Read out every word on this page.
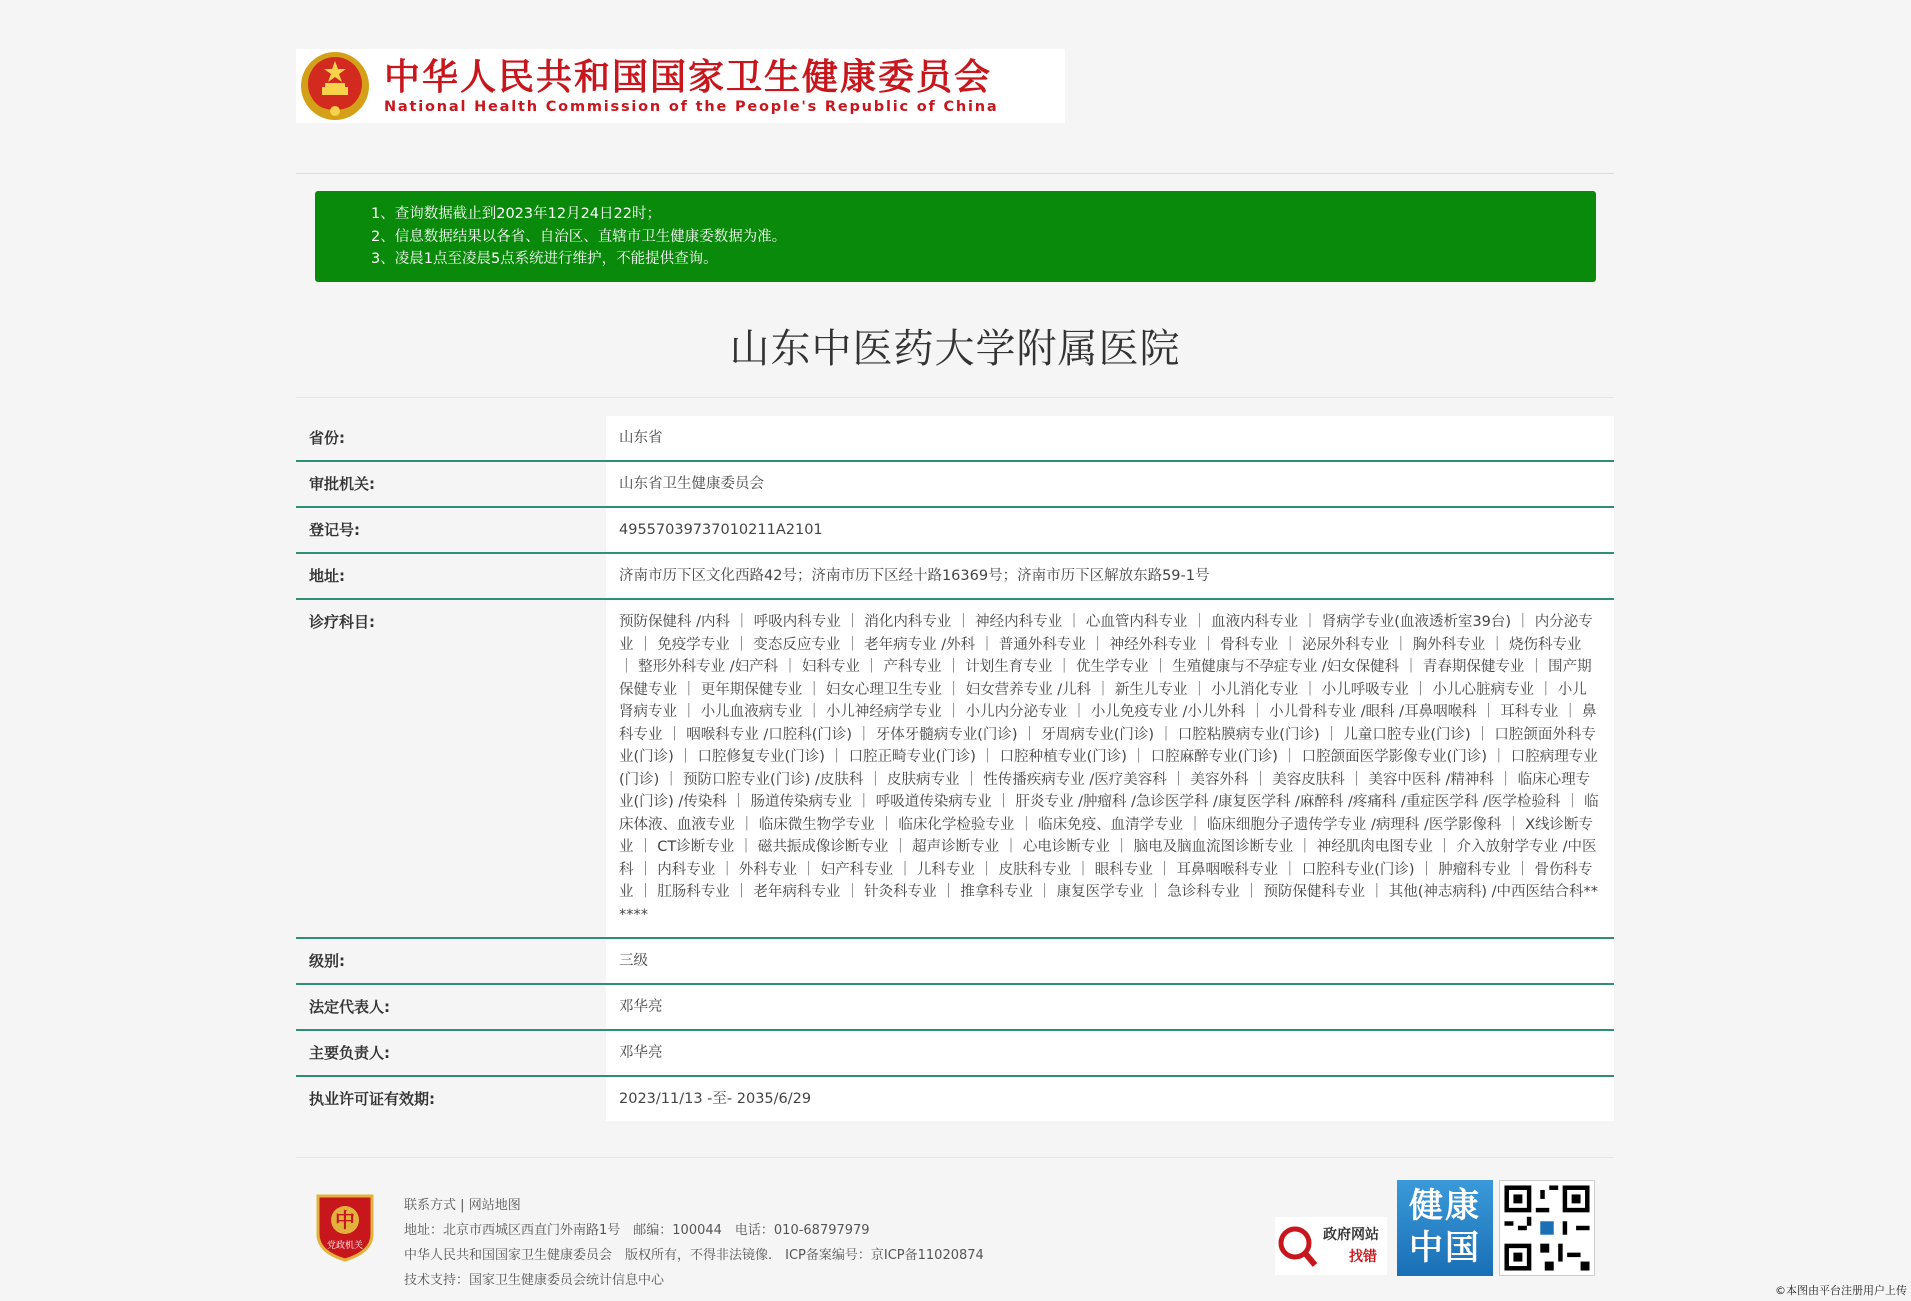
中华人民共和国国家卫生健康委员会
National Health Commission of the People's Republic of China
1、查询数据截止到2023年12月24日22时；
2、信息数据结果以各省、自治区、直辖市卫生健康委数据为准。
3、凌晨1点至凌晨5点系统进行维护，不能提供查询。
山东中医药大学附属医院
省份:	山东省
审批机关:	山东省卫生健康委员会
登记号:	49557039737010211A2101
地址:	济南市历下区文化西路42号；济南市历下区经十路16369号；济南市历下区解放东路59-1号
诊疗科目:	预防保健科 /内科 ｜ 呼吸内科专业 ｜ 消化内科专业 ｜ 神经内科专业 ｜ 心血管内科专业 ｜ 血液内科专业 ｜ 肾病学专业(血液透析室39台) ｜ 内分泌专业 ｜ 免疫学专业 ｜ 变态反应专业 ｜ 老年病专业 /外科 ｜ 普通外科专业 ｜ 神经外科专业 ｜ 骨科专业 ｜ 泌尿外科专业 ｜ 胸外科专业 ｜ 烧伤科专业 ｜ 整形外科专业 /妇产科 ｜ 妇科专业 ｜ 产科专业 ｜ 计划生育专业 ｜ 优生学专业 ｜ 生殖健康与不孕症专业 /妇女保健科 ｜ 青春期保健专业 ｜ 围产期保健专业 ｜ 更年期保健专业 ｜ 妇女心理卫生专业 ｜ 妇女营养专业 /儿科 ｜ 新生儿专业 ｜ 小儿消化专业 ｜ 小儿呼吸专业 ｜ 小儿心脏病专业 ｜ 小儿肾病专业 ｜ 小儿血液病专业 ｜ 小儿神经病学专业 ｜ 小儿内分泌专业 ｜ 小儿免疫专业 /小儿外科 ｜ 小儿骨科专业 /眼科 /耳鼻咽喉科 ｜ 耳科专业 ｜ 鼻科专业 ｜ 咽喉科专业 /口腔科(门诊) ｜ 牙体牙髓病专业(门诊) ｜ 牙周病专业(门诊) ｜ 口腔粘膜病专业(门诊) ｜ 儿童口腔专业(门诊) ｜ 口腔颌面外科专业(门诊) ｜ 口腔修复专业(门诊) ｜ 口腔正畸专业(门诊) ｜ 口腔种植专业(门诊) ｜ 口腔麻醉专业(门诊) ｜ 口腔颌面医学影像专业(门诊) ｜ 口腔病理专业(门诊) ｜ 预防口腔专业(门诊) /皮肤科 ｜ 皮肤病专业 ｜ 性传播疾病专业 /医疗美容科 ｜ 美容外科 ｜ 美容皮肤科 ｜ 美容中医科 /精神科 ｜ 临床心理专业(门诊) /传染科 ｜ 肠道传染病专业 ｜ 呼吸道传染病专业 ｜ 肝炎专业 /肿瘤科 /急诊医学科 /康复医学科 /麻醉科 /疼痛科 /重症医学科 /医学检验科 ｜ 临床体液、血液专业 ｜ 临床微生物学专业 ｜ 临床化学检验专业 ｜ 临床免疫、血清学专业 ｜ 临床细胞分子遗传学专业 /病理科 /医学影像科 ｜ X线诊断专业 ｜ CT诊断专业 ｜ 磁共振成像诊断专业 ｜ 超声诊断专业 ｜ 心电诊断专业 ｜ 脑电及脑血流图诊断专业 ｜ 神经肌肉电图专业 ｜ 介入放射学专业 /中医科 ｜ 内科专业 ｜ 外科专业 ｜ 妇产科专业 ｜ 儿科专业 ｜ 皮肤科专业 ｜ 眼科专业 ｜ 耳鼻咽喉科专业 ｜ 口腔科专业(门诊) ｜ 肿瘤科专业 ｜ 骨伤科专业 ｜ 肛肠科专业 ｜ 老年病科专业 ｜ 针灸科专业 ｜ 推拿科专业 ｜ 康复医学专业 ｜ 急诊科专业 ｜ 预防保健科专业 ｜ 其他(神志病科) /中西医结合科******
级别:	三级
法定代表人:	邓华亮
主要负责人:	邓华亮
执业许可证有效期:	2023/11/13 -至- 2035/6/29
中
党政机关
联系方式 | 网站地图
地址：北京市西城区西直门外南路1号　邮编：100044　电话：010-68797979
中华人民共和国国家卫生健康委员会　版权所有，不得非法镜像.　ICP备案编号：京ICP备11020874
技术支持：国家卫生健康委员会统计信息中心
政府网站
找错
健康
中国
©本图由平台注册用户上传
